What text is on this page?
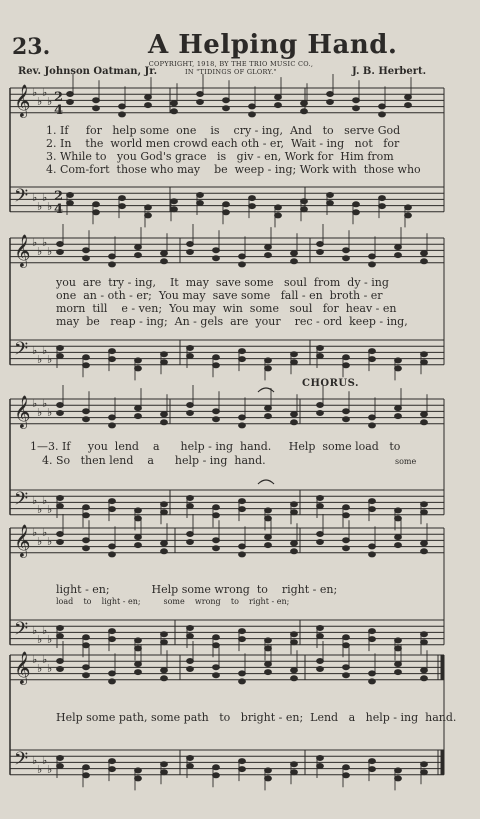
23.	A Helping Hand.
Rev. Johnson Oatman, Jr.
COPYRIGHT, 1918, BY THE TRIO MUSIC CO.,
IN "TIDINGS OF GLORY."	J. B. Herbert.
𝄞
𝄢
♭
♭
♭
♭
♭
♭
♭
♭
𝄞
𝄢
♭
♭
♭
♭
♭
♭
♭
♭
𝄞
𝄢
♭
♭
♭
♭
♭
♭
♭
♭
𝄞
𝄢
♭
♭
♭
♭
♭
♭
♭
♭
𝄞
𝄢
♭
♭
♭
♭
♭
♭
♭
♭
2
4
2
4
1. If     for   help some  one    is    cry - ing,  And   to   serve God
2. In    the  world men crowd each oth - er,  Wait - ing   not   for
3. While to   you God's grace   is   giv - en, Work for  Him from
4. Com-fort  those who may    be  weep - ing; Work with  those who
you  are  try - ing,    It  may  save some   soul  from  dy - ing
one  an - oth - er;  You may  save some   fall - en  broth - er
morn  till    e - ven;  You may  win  some   soul   for  heav - en
may  be   reap - ing;  An - gels  are  your    rec - ord  keep - ing,
CHORUS.
1—3. If     you  lend    a      help - ing  hand.     Help  some load   to
4. So   then lend    a      help - ing  hand.	some
light - en;            Help some wrong  to    right - en;
load    to    light - en;         some    wrong    to    right - en;
Help some path, some path   to   bright - en;  Lend   a   help - ing  hand.
